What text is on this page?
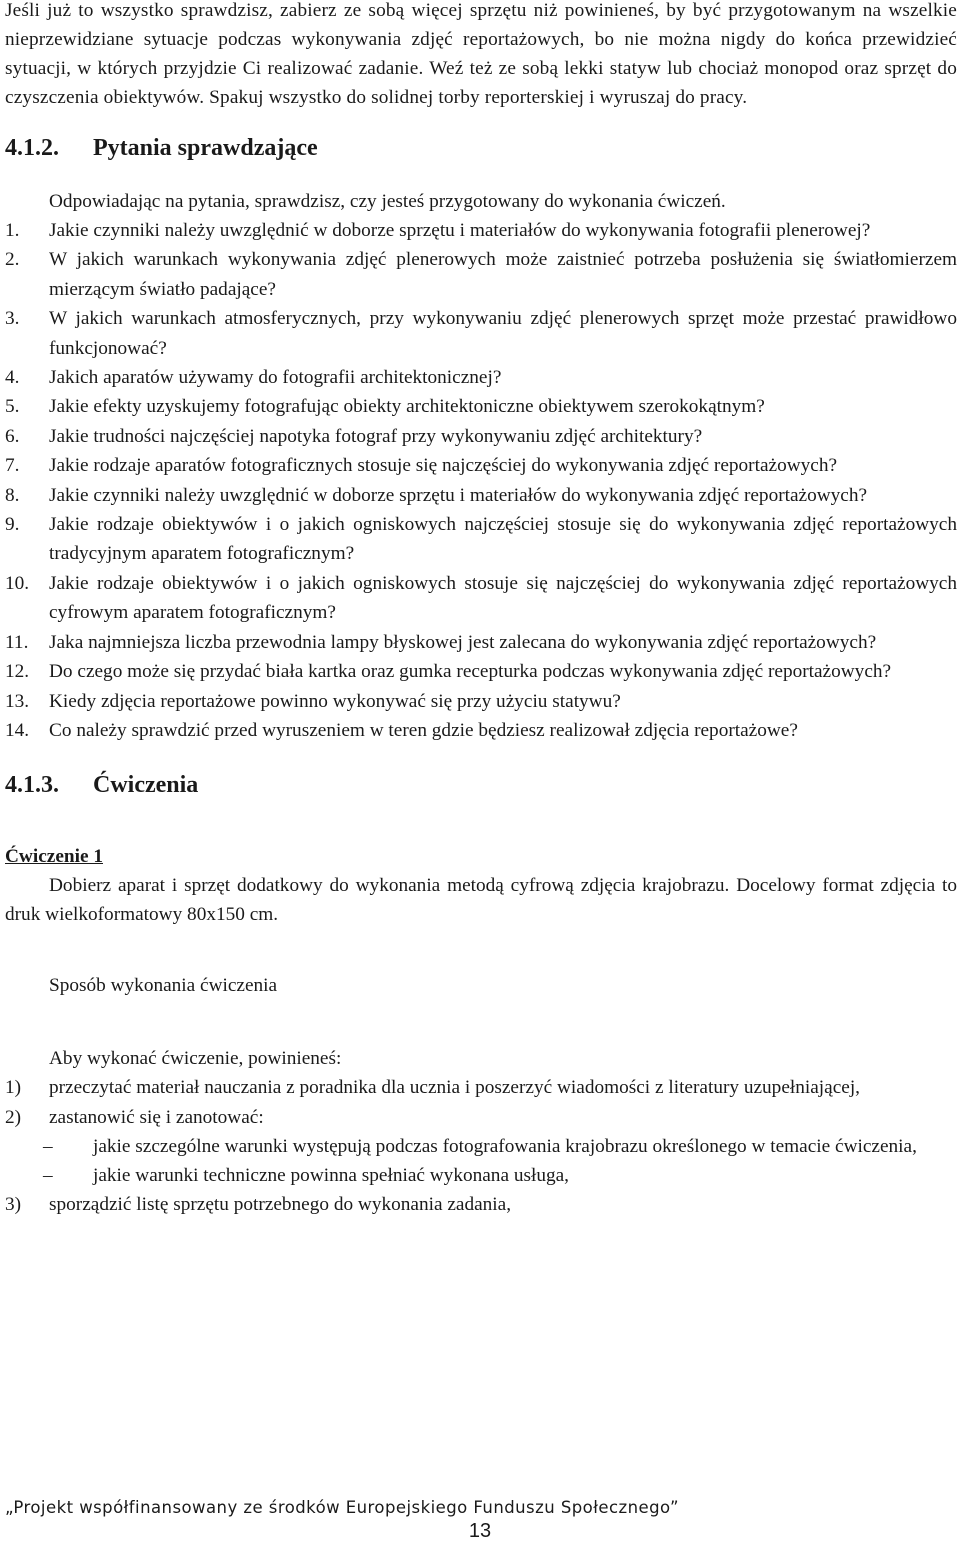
Jeśli już to wszystko sprawdzisz, zabierz ze sobą więcej sprzętu niż powinieneś, by być przygotowanym na wszelkie nieprzewidziane sytuacje podczas wykonywania zdjęć reportażowych, bo nie można nigdy do końca przewidzieć sytuacji, w których przyjdzie Ci realizować zadanie. Weź też ze sobą lekki statyw lub chociaż monopod oraz sprzęt do czyszczenia obiektywów. Spakuj wszystko do solidnej torby reporterskiej i wyruszaj do pracy.

4.1.2. Pytania sprawdzające

Odpowiadając na pytania, sprawdzisz, czy jesteś przygotowany do wykonania ćwiczeń.

1. Jakie czynniki należy uwzględnić w doborze sprzętu i materiałów do wykonywania fotografii plenerowej?
2. W jakich warunkach wykonywania zdjęć plenerowych może zaistnieć potrzeba posłużenia się światłomierzem mierzącym światło padające?
3. W jakich warunkach atmosferycznych, przy wykonywaniu zdjęć plenerowych sprzęt może przestać prawidłowo funkcjonować?
4. Jakich aparatów używamy do fotografii architektonicznej?
5. Jakie efekty uzyskujemy fotografując obiekty architektoniczne obiektywem szerokokątnym?
6. Jakie trudności najczęściej napotyka fotograf przy wykonywaniu zdjęć architektury?
7. Jakie rodzaje aparatów fotograficznych stosuje się najczęściej do wykonywania zdjęć reportażowych?
8. Jakie czynniki należy uwzględnić w doborze sprzętu i materiałów do wykonywania zdjęć reportażowych?
9. Jakie rodzaje obiektywów i o jakich ogniskowych najczęściej stosuje się do wykonywania zdjęć reportażowych tradycyjnym aparatem fotograficznym?
10. Jakie rodzaje obiektywów i o jakich ogniskowych stosuje się najczęściej do wykonywania zdjęć reportażowych cyfrowym aparatem fotograficznym?
11. Jaka najmniejsza liczba przewodnia lampy błyskowej jest zalecana do wykonywania zdjęć reportażowych?
12. Do czego może się przydać biała kartka oraz gumka recepturka podczas wykonywania zdjęć reportażowych?
13. Kiedy zdjęcia reportażowe powinno wykonywać się przy użyciu statywu?
14. Co należy sprawdzić przed wyruszeniem w teren gdzie będziesz realizował zdjęcia reportażowe?
4.1.3. Ćwiczenia

Ćwiczenie 1

Dobierz aparat i sprzęt dodatkowy do wykonania metodą cyfrową zdjęcia krajobrazu. Docelowy format zdjęcia to druk wielkoformatowy 80x150 cm.

Sposób wykonania ćwiczenia

Aby wykonać ćwiczenie, powinieneś:

1) przeczytać materiał nauczania z poradnika dla ucznia i poszerzyć wiadomości z literatury uzupełniającej,
2) zastanowić się i zanotować:
– jakie szczególne warunki występują podczas fotografowania krajobrazu określonego w temacie ćwiczenia,
– jakie warunki techniczne powinna spełniać wykonana usługa,
3) sporządzić listę sprzętu potrzebnego do wykonania zadania,
„Projekt współfinansowany ze środków Europejskiego Funduszu Społecznego”
13
